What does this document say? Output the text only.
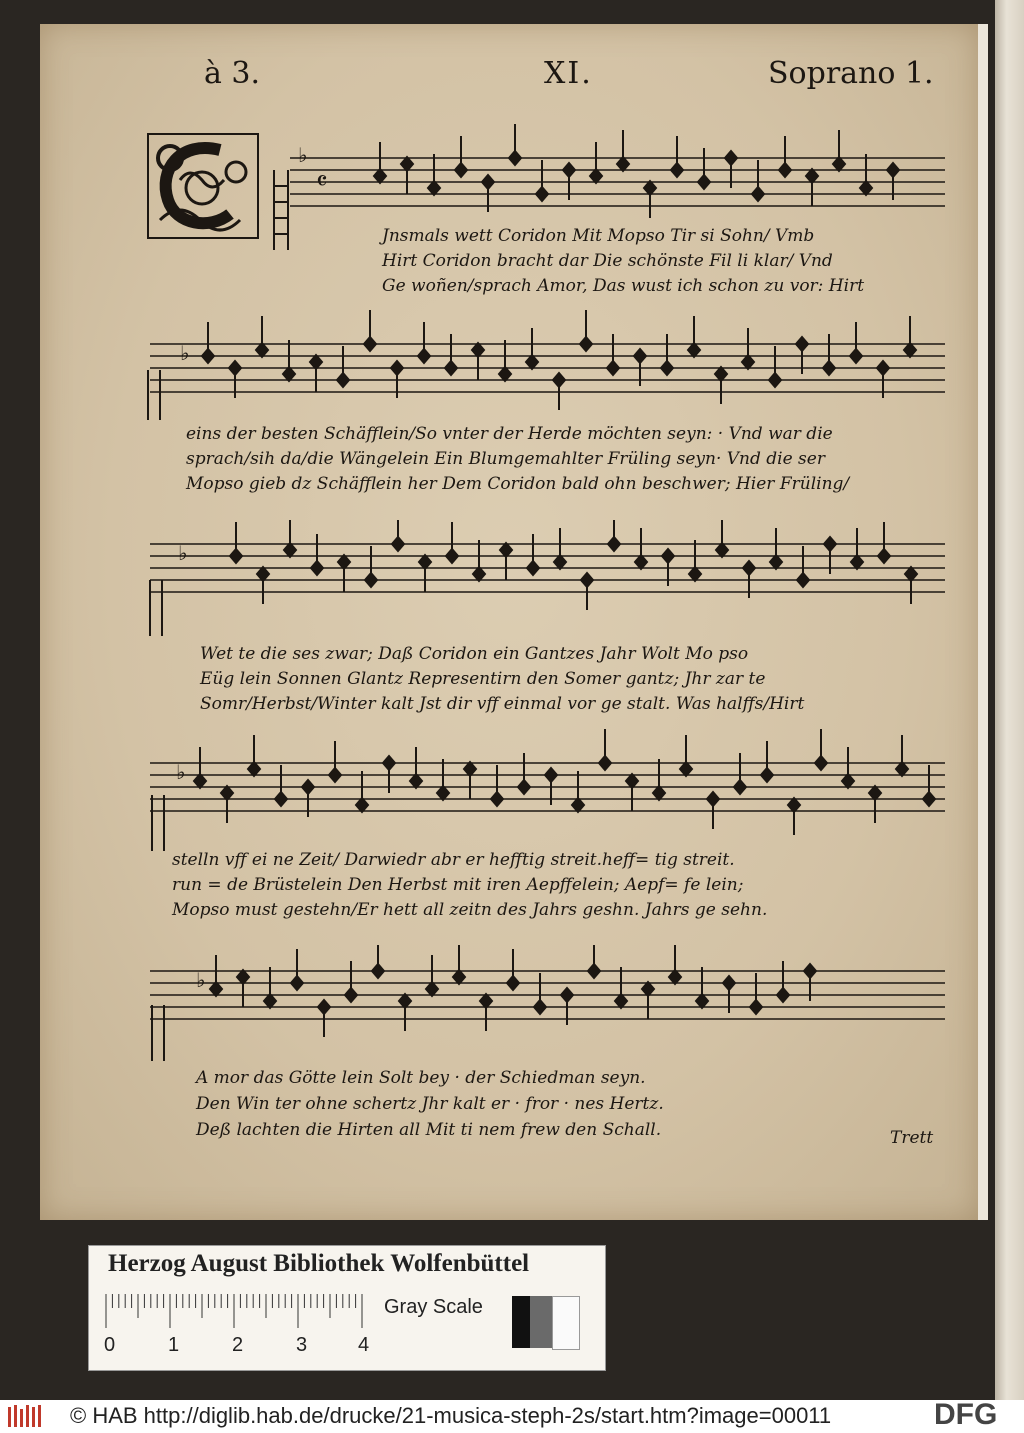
à 3.	XI.	Soprano 1.
♭
𝄴
Jnsmals wett Coridon Mit Mopso Tir si Sohn/ Vmb
Hirt Coridon bracht dar Die schönste Fil li klar/ Vnd
Ge woñen/sprach Amor, Das wust ich schon zu vor: Hirt
♭
eins der besten Schäfflein/So vnter der Herde möchten seyn: · Vnd war die
sprach/sih da/die Wängelein Ein Blumgemahlter Früling seyn· Vnd die ser
Mopso gieb dz Schäfflein her Dem Coridon bald ohn beschwer; Hier Früling/
♭
Wet te die ses zwar; Daß Coridon ein Gantzes Jahr Wolt Mo pso
Eüg lein Sonnen Glantz Representirn den Somer gantz; Jhr zar te
Somr/Herbst/Winter kalt Jst dir vff einmal vor ge stalt. Was halffs/Hirt
♭
stelln vff ei ne Zeit/ Darwiedr abr er hefftig streit.heff= tig streit.
run = de Brüstelein Den Herbst mit iren Aepffelein; Aepf= fe lein;
Mopso must gestehn/Er hett all zeitn des Jahrs geshn. Jahrs ge sehn.
♭
A mor das Götte lein Solt bey · der Schiedman seyn.
Den Win ter ohne schertz Jhr kalt er · fror · nes Hertz.
Deß lachten die Hirten all Mit ti nem frew den Schall.	Trett
Herzog August Bibliothek Wolfenbüttel
0	1	2	3	4
Gray Scale
© HAB http://diglib.hab.de/drucke/21-musica-steph-2s/start.htm?image=00011	DFG
